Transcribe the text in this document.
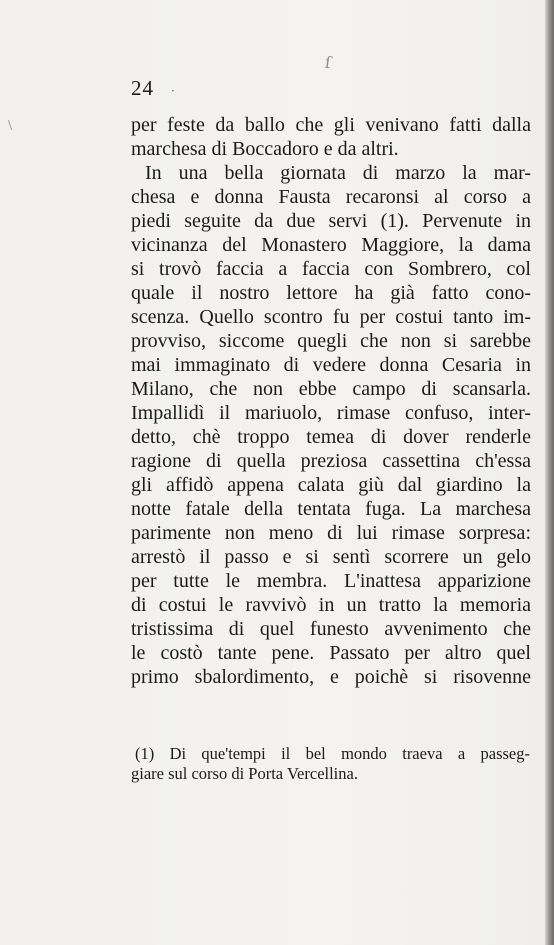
ſ
\
24 ·
per feste da ballo che gli venivano fatti dalla
marchesa di Boccadoro e da altri.
In una bella giornata di marzo la mar-
chesa e donna Fausta recaronsi al corso a
piedi seguite da due servi (1). Pervenute in
vicinanza del Monastero Maggiore, la dama
si trovò faccia a faccia con Sombrero, col
quale il nostro lettore ha già fatto cono-
scenza. Quello scontro fu per costui tanto im-
provviso, siccome quegli che non si sarebbe
mai immaginato di vedere donna Cesaria in
Milano, che non ebbe campo di scansarla.
Impallidì il mariuolo, rimase confuso, inter-
detto, chè troppo temea di dover renderle
ragione di quella preziosa cassettina ch'essa
gli affidò appena calata giù dal giardino la
notte fatale della tentata fuga. La marchesa
parimente non meno di lui rimase sorpresa:
arrestò il passo e si sentì scorrere un gelo
per tutte le membra. L'inattesa apparizione
di costui le ravvivò in un tratto la memoria
tristissima di quel funesto avvenimento che
le costò tante pene. Passato per altro quel
primo sbalordimento, e poichè si risovenne
(1) Di que'tempi il bel mondo traeva a passeg-
giare sul corso di Porta Vercellina.
